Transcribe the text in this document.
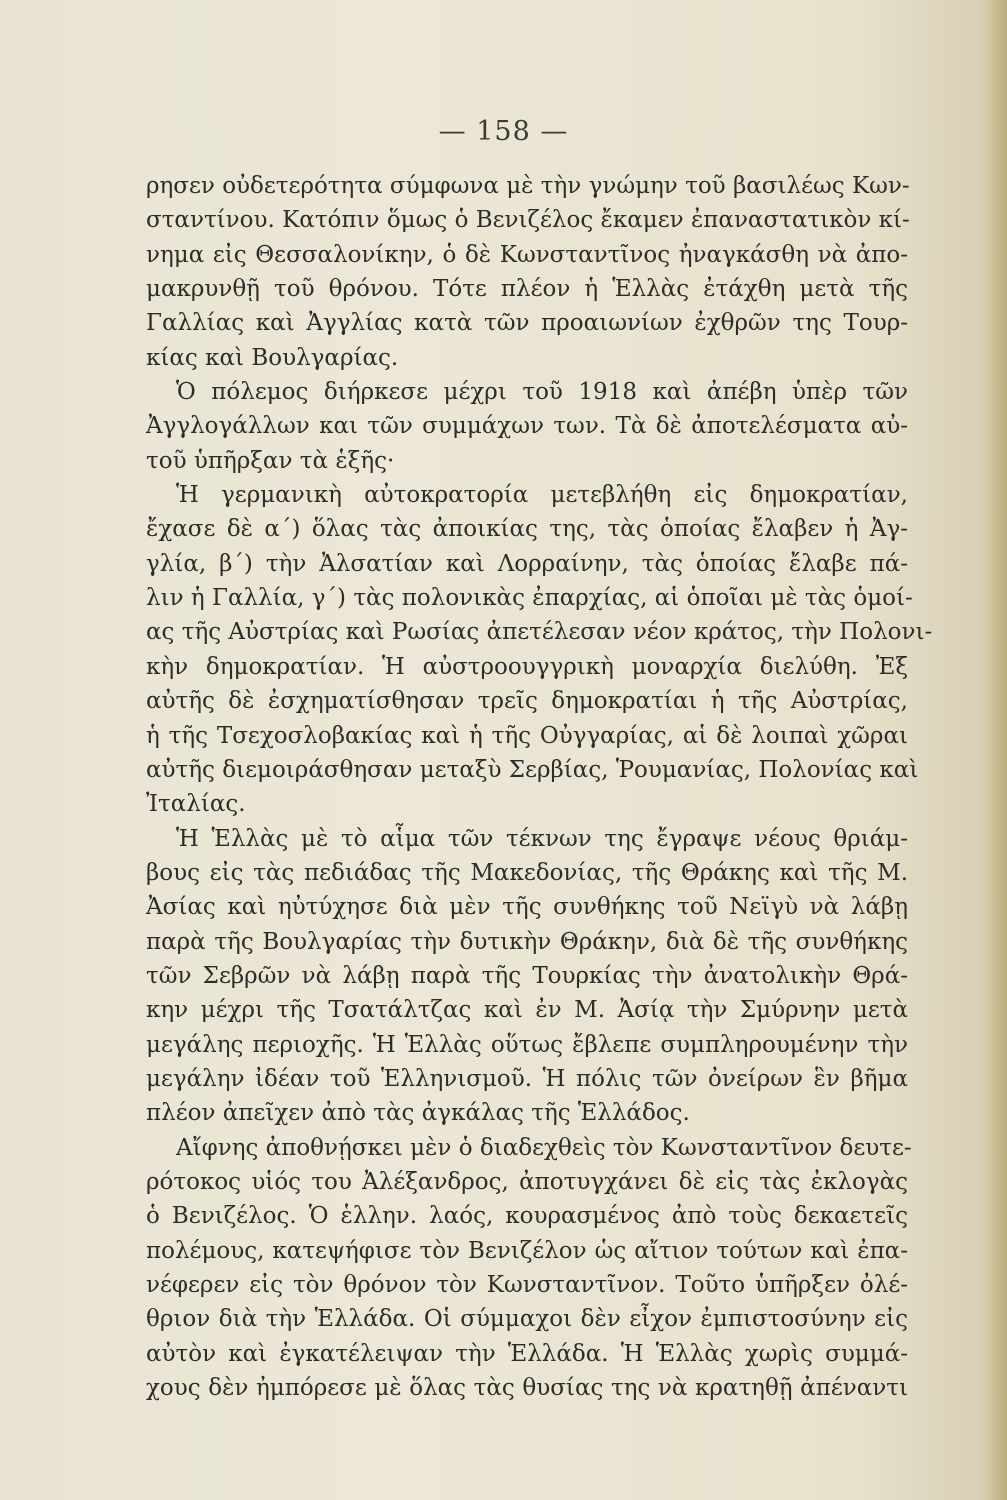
— 158 —
ρησεν οὐδετερότητα σύμφωνα μὲ τὴν γνώμην τοῦ βασιλέως Κων-
σταντίνου. Κατόπιν ὅμως ὁ Βενιζέλος ἔκαμεν ἐπαναστατικὸν κί-
νημα εἰς Θεσσαλονίκην, ὁ δὲ Κωνσταντῖνος ἠναγκάσθη νὰ ἀπο-
μακρυνθῇ τοῦ θρόνου. Τότε πλέον ἡ Ἑλλὰς ἐτάχθη μετὰ τῆς
Γαλλίας καὶ Ἀγγλίας κατὰ τῶν προαιωνίων ἐχθρῶν της Τουρ-
κίας καὶ Βουλγαρίας.
Ὁ πόλεμος διήρκεσε μέχρι τοῦ 1918 καὶ ἀπέβη ὑπὲρ τῶν
Ἀγγλογάλλων και τῶν συμμάχων των. Τὰ δὲ ἀποτελέσματα αὐ-
τοῦ ὑπῆρξαν τὰ ἑξῆς·
Ἡ γερμανικὴ αὐτοκρατορία μετεβλήθη εἰς δημοκρατίαν,
ἔχασε δὲ α΄) ὅλας τὰς ἀποικίας της, τὰς ὁποίας ἔλαβεν ἡ Ἀγ-
γλία, β΄) τὴν Ἀλσατίαν καὶ Λορραίνην, τὰς ὁποίας ἔλαβε πά-
λιν ἡ Γαλλία, γ΄) τὰς πολονικὰς ἐπαρχίας, αἱ ὁποῖαι μὲ τὰς ὁμοί-
ας τῆς Αὐστρίας καὶ Ρωσίας ἀπετέλεσαν νέον κράτος, τὴν Πολονι-
κὴν δημοκρατίαν. Ἡ αὐστροουγγρικὴ μοναρχία διελύθη. Ἐξ
αὐτῆς δὲ ἐσχηματίσθησαν τρεῖς δημοκρατίαι ἡ τῆς Αὐστρίας,
ἡ τῆς Τσεχοσλοβακίας καὶ ἡ τῆς Οὐγγαρίας, αἱ δὲ λοιπαὶ χῶραι
αὐτῆς διεμοιράσθησαν μεταξὺ Σερβίας, Ῥουμανίας, Πολονίας καὶ
Ἰταλίας.
Ἡ Ἑλλὰς μὲ τὸ αἷμα τῶν τέκνων της ἔγραψε νέους θριάμ-
βους εἰς τὰς πεδιάδας τῆς Μακεδονίας, τῆς Θράκης καὶ τῆς Μ.
Ἀσίας καὶ ηὐτύχησε διὰ μὲν τῆς συνθήκης τοῦ Νεϊγὺ νὰ λάβῃ
παρὰ τῆς Βουλγαρίας τὴν δυτικὴν Θράκην, διὰ δὲ τῆς συνθήκης
τῶν Σεβρῶν νὰ λάβῃ παρὰ τῆς Τουρκίας τὴν ἀνατολικὴν Θρά-
κην μέχρι τῆς Τσατάλτζας καὶ ἐν Μ. Ἀσίᾳ τὴν Σμύρνην μετὰ
μεγάλης περιοχῆς. Ἡ Ἑλλὰς οὕτως ἔβλεπε συμπληρουμένην τὴν
μεγάλην ἰδέαν τοῦ Ἑλληνισμοῦ. Ἡ πόλις τῶν ὀνείρων ἓν βῆμα
πλέον ἀπεῖχεν ἀπὸ τὰς ἀγκάλας τῆς Ἑλλάδος.
Αἴφνης ἀποθνῄσκει μὲν ὁ διαδεχθεὶς τὸν Κωνσταντῖνον δευτε-
ρότοκος υἱός του Ἀλέξανδρος, ἀποτυγχάνει δὲ εἰς τὰς ἐκλογὰς
ὁ Βενιζέλος. Ὁ ἑλλην. λαός, κουρασμένος ἀπὸ τοὺς δεκαετεῖς
πολέμους, κατεψήφισε τὸν Βενιζέλον ὡς αἴτιον τούτων καὶ ἐπα-
νέφερεν εἰς τὸν θρόνον τὸν Κωνσταντῖνον. Τοῦτο ὑπῆρξεν ὀλέ-
θριον διὰ τὴν Ἑλλάδα. Οἱ σύμμαχοι δὲν εἶχον ἐμπιστοσύνην εἰς
αὐτὸν καὶ ἐγκατέλειψαν τὴν Ἑλλάδα. Ἡ Ἑλλὰς χωρὶς συμμά-
χους δὲν ἠμπόρεσε μὲ ὅλας τὰς θυσίας της νὰ κρατηθῇ ἀπέναντι
